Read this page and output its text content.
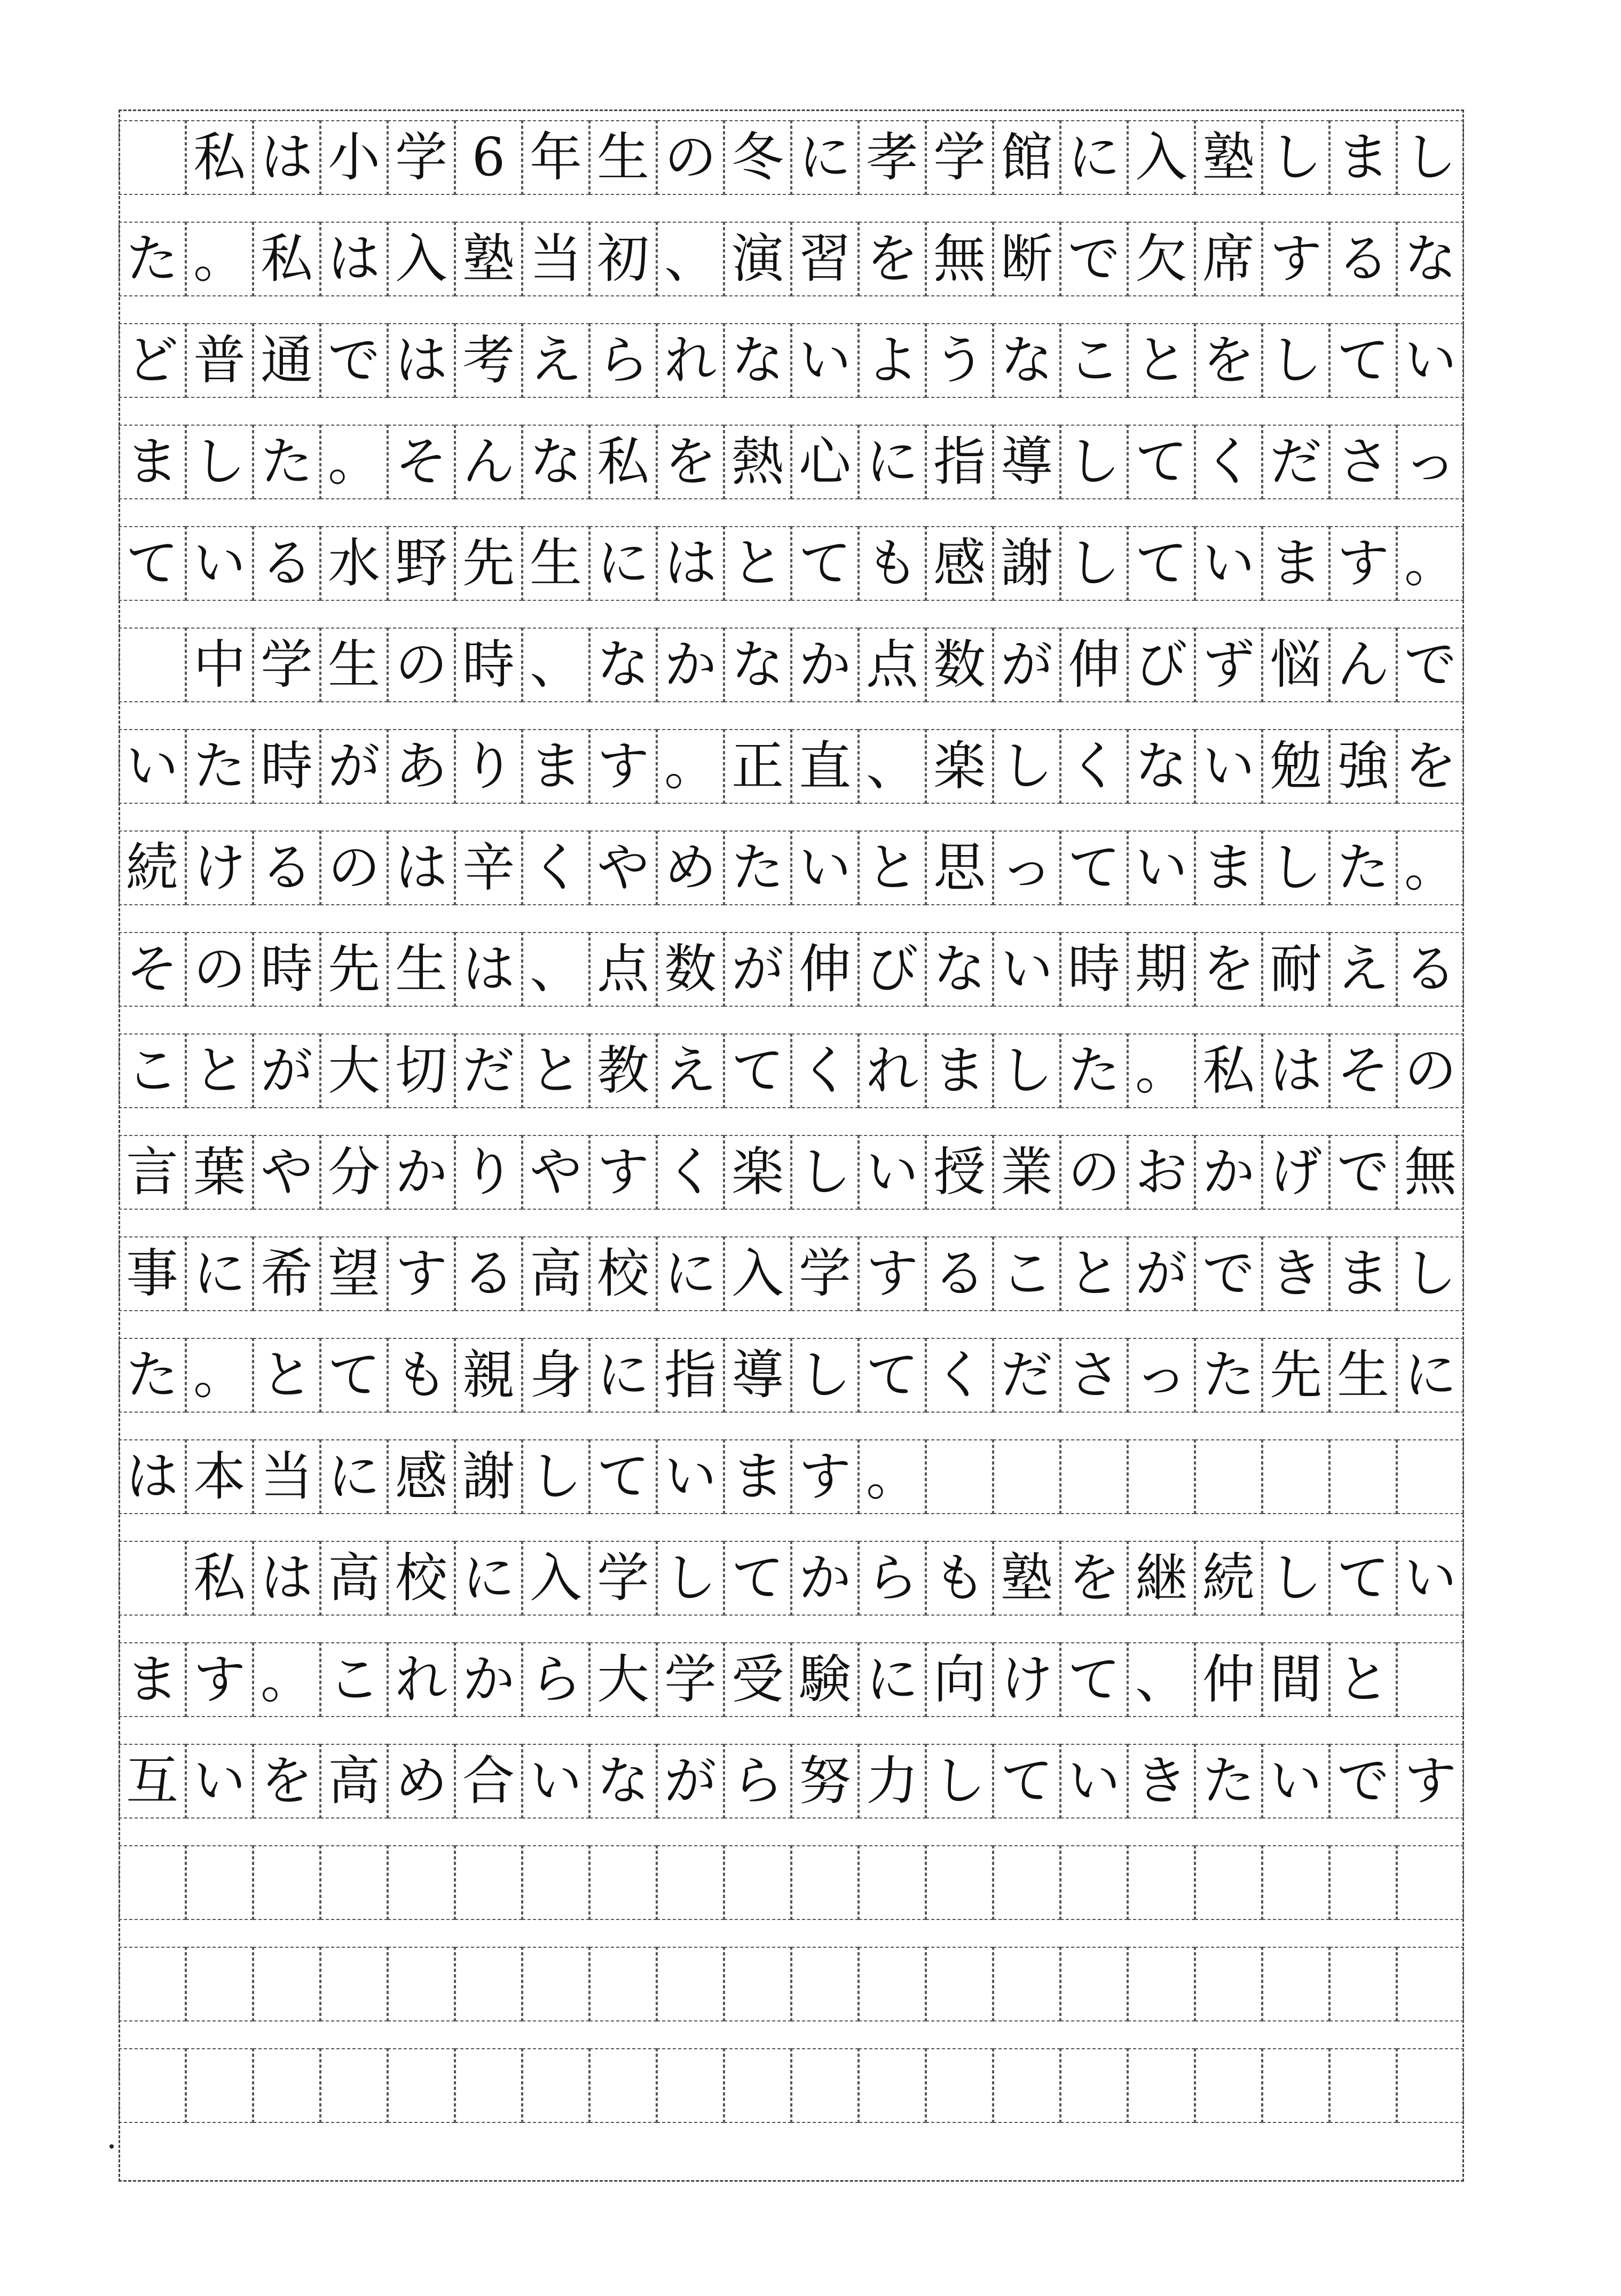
私 は 小 学 6 年 生 の 冬 に 孝 学 館 に 入 塾 し ま し
た 。 私 は 入 塾 当 初 、 演 習 を 無 断 で 欠 席 す る な
ど 普 通 で は 考 え ら れ な い よ う な こ と を し て い
ま し た 。 そ ん な 私 を 熱 心 に 指 導 し て く だ さ っ
て い る 水 野 先 生 に は と て も 感 謝 し て い ま す 。

中 学 生 の 時 、 な か な か 点 数 が 伸 び ず 悩 ん で
い た 時 が あ り ま す 。 正 直 、 楽 し く な い 勉 強 を
続 け る の は 辛 く や め た い と 思 っ て い ま し た 。
そ の 時 先 生 は 、 点 数 が 伸 び な い 時 期 を 耐 え る
こ と が 大 切 だ と 教 え て く れ ま し た 。 私 は そ の
言 葉 や 分 か り や す く 楽 し い 授 業 の お か げ で 無
事 に 希 望 す る 高 校 に 入 学 す る こ と が で き ま し
た 。 と て も 親 身 に 指 導 し て く だ さ っ た 先 生 に
は 本 当 に 感 謝 し て い ま す 。

私 は 高 校 に 入 学 し て か ら も 塾 を 継 続 し て い
ま す 。 こ れ か ら 大 学 受 験 に 向 け て 、 仲 間 と
互 い を 高 め 合 い な が ら 努 力 し て い き た い で す
